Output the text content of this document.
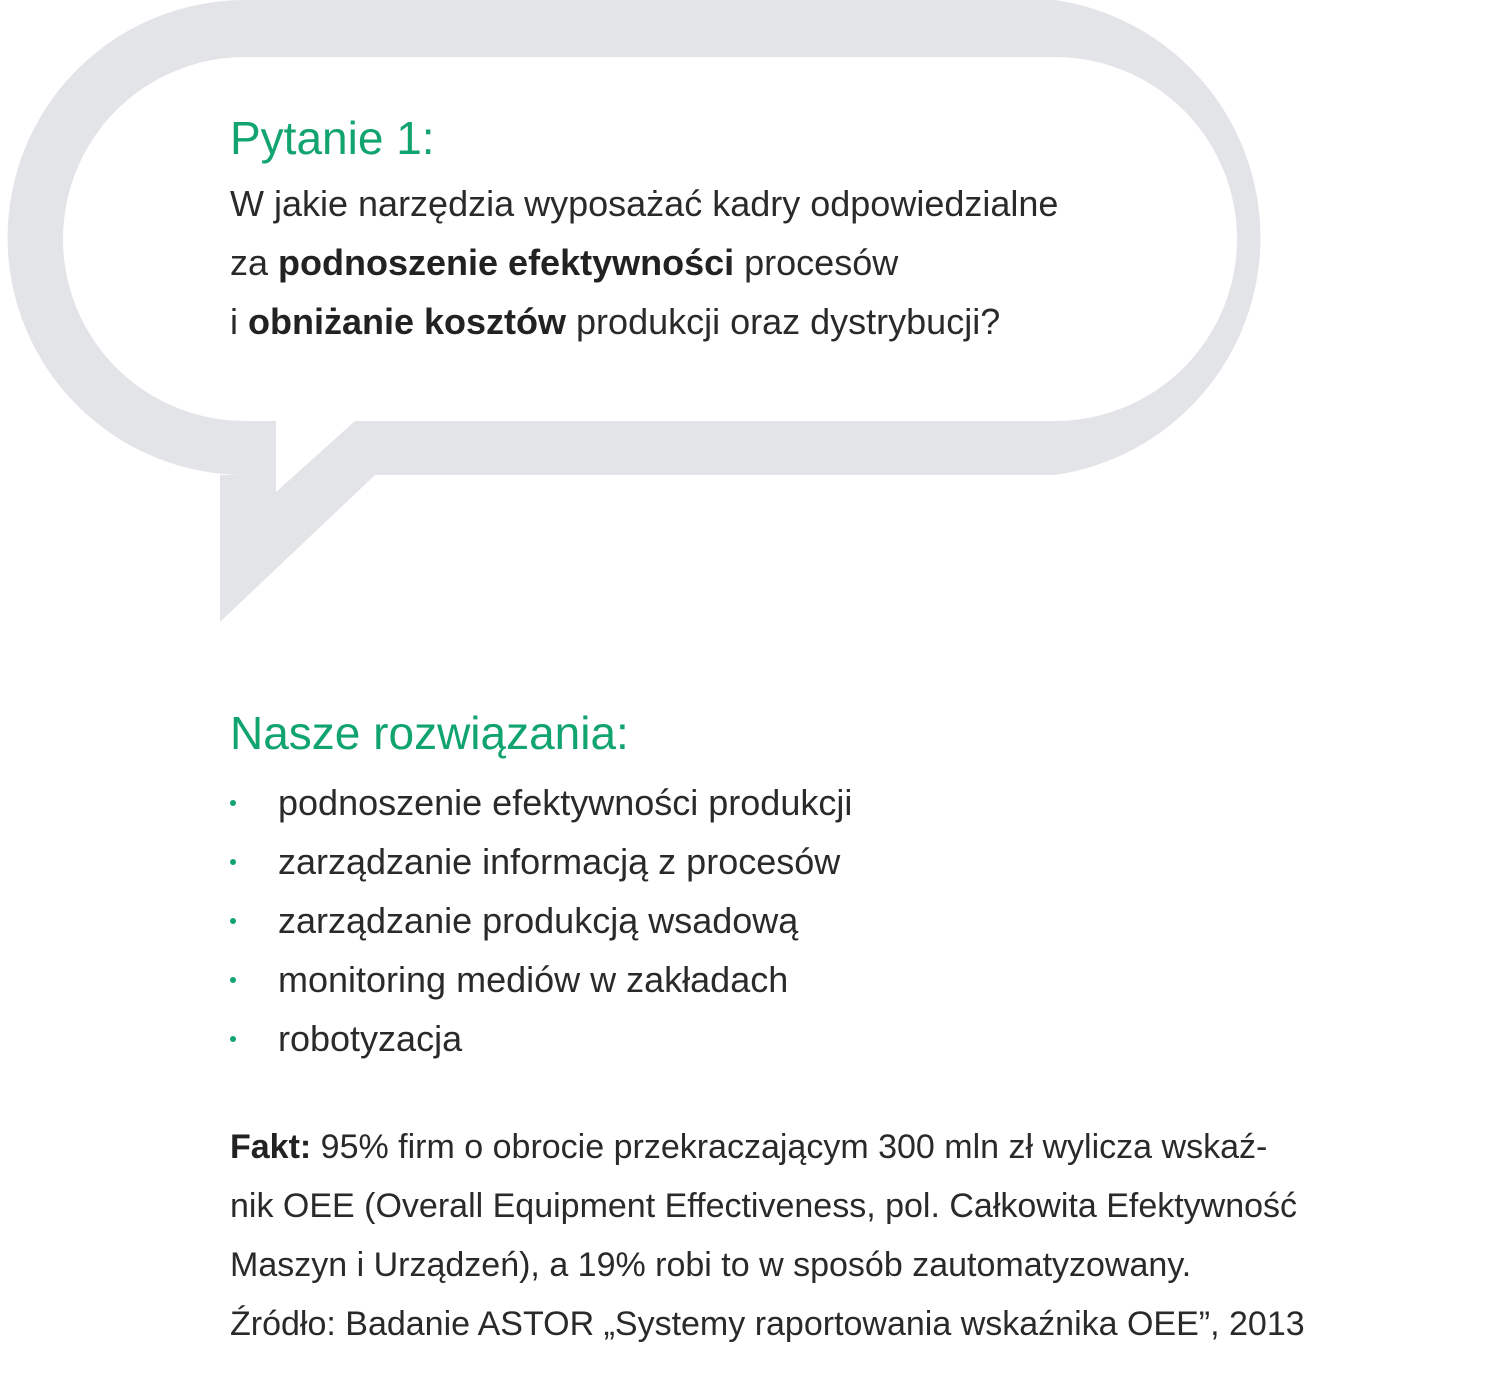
Pytanie 1:

W jakie narzędzia wyposażać kadry odpowiedzialne
za podnoszenie efektywności procesów
i obniżanie kosztów produkcji oraz dystrybucji?

Nasze rozwiązania:
podnoszenie efektywności produkcji
zarządzanie informacją z procesów
zarządzanie produkcją wsadową
monitoring mediów w zakładach
robotyzacja

Fakt: 95% firm o obrocie przekraczającym 300 mln zł wylicza wskaź-
nik OEE (Overall Equipment Effectiveness, pol. Całkowita Efektywność
Maszyn i Urządzeń), a 19% robi to w sposób zautomatyzowany.
Źródło: Badanie ASTOR „Systemy raportowania wskaźnika OEE”, 2013
